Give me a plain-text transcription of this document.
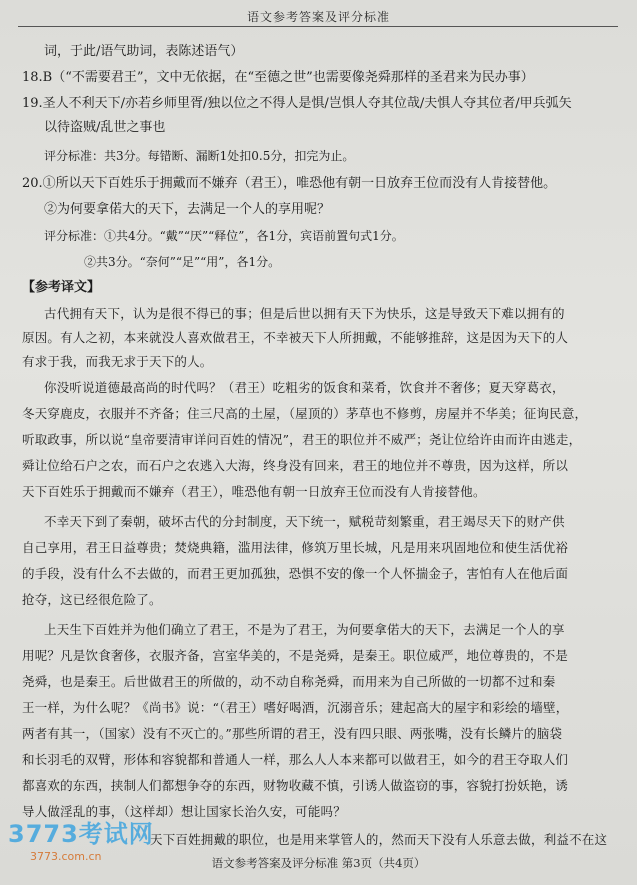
语文参考答案及评分标准
词，于此/语气助词，表陈述语气）
18.B（“不需要君王”，文中无依据，在“至德之世”也需要像尧舜那样的圣君来为民办事）
19.圣人不利天下/亦若乡师里胥/独以位之不得人是惧/岂惧人夺其位哉/夫惧人夺其位者/甲兵弧矢
以待盗贼/乱世之事也
评分标准：共3分。每错断、漏断1处扣0.5分，扣完为止。
20.①所以天下百姓乐于拥戴而不嫌弃（君王），唯恐他有朝一日放弃王位而没有人肯接替他。
②为何要拿偌大的天下，去满足一个人的享用呢？
评分标准：①共4分。“戴”“厌”“释位”，各1分，宾语前置句式1分。
②共3分。“奈何”“足”“用”，各1分。
【参考译文】
古代拥有天下，认为是很不得已的事；但是后世以拥有天下为快乐，这是导致天下难以拥有的
原因。有人之初，本来就没人喜欢做君王，不幸被天下人所拥戴，不能够推辞，这是因为天下的人
有求于我，而我无求于天下的人。
你没听说道德最高尚的时代吗？（君王）吃粗劣的饭食和菜肴，饮食并不奢侈；夏天穿葛衣，
冬天穿鹿皮，衣服并不齐备；住三尺高的土屋，（屋顶的）茅草也不修剪，房屋并不华美；征询民意，
听取政事，所以说“皇帝要清审详问百姓的情况”，君王的职位并不威严；尧让位给许由而许由逃走，
舜让位给石户之农，而石户之农逃入大海，终身没有回来，君王的地位并不尊贵，因为这样，所以
天下百姓乐于拥戴而不嫌弃（君王），唯恐他有朝一日放弃王位而没有人肯接替他。
不幸天下到了秦朝，破坏古代的分封制度，天下统一，赋税苛刻繁重，君王竭尽天下的财产供
自己享用，君王日益尊贵；焚烧典籍，滥用法律，修筑万里长城，凡是用来巩固地位和使生活优裕
的手段，没有什么不去做的，而君王更加孤独，恐惧不安的像一个人怀揣金子，害怕有人在他后面
抢夺，这已经很危险了。
上天生下百姓并为他们确立了君王，不是为了君王，为何要拿偌大的天下，去满足一个人的享
用呢？凡是饮食奢侈，衣服齐备，宫室华美的，不是尧舜，是秦王。职位威严，地位尊贵的，不是
尧舜，也是秦王。后世做君王的所做的，动不动自称尧舜，而用来为自己所做的一切都不过和秦
王一样，为什么呢？《尚书》说：“（君王）嗜好喝酒，沉溺音乐；建起高大的屋宇和彩绘的墙壁，
两者有其一，（国家）没有不灭亡的。”那些所谓的君王，没有四只眼、两张嘴，没有长鳞片的脑袋
和长羽毛的双臂，形体和容貌都和普通人一样，那么人人本来都可以做君王，如今的君王夺取人们
都喜欢的东西，挟制人们都想争夺的东西，财物收藏不慎，引诱人做盗窃的事，容貌打扮妖艳，诱
导人做淫乱的事，（这样却）想让国家长治久安，可能吗？
天下百姓拥戴的职位，也是用来掌管人的，然而天下没有人乐意去做，利益不在这
语文参考答案及评分标准 第3页（共4页）
3773考试网
3773.com.cn
